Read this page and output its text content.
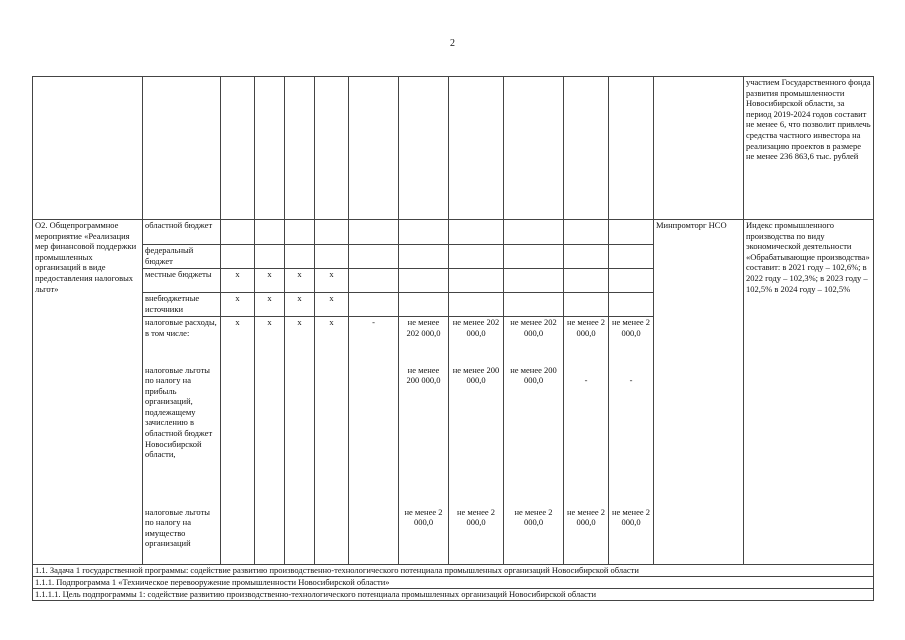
2
													участием Государственного фонда развития промышленности Новосибирской области, за период 2019-2024 годов составит не менее 6, что позволит привлечь средства частного инвестора на реализацию проектов в размере не менее 236 863,6 тыс. рублей
О2. Общепрограммное мероприятие «Реализация мер финансовой поддержки промышленных организаций в виде предоставления налоговых льгот»	областной бюджет											Минпромторг НСО	Индекс промышленного производства по виду экономической деятельности «Обрабатывающие производства» составит: в 2021 году – 102,6%; в 2022 году – 102,3%; в 2023 году – 102,5% в 2024 году – 102,5%
	федеральный бюджет												
	местные бюджеты	х	х	х	х								
	внебюджетные источники	х	х	х	х								
	налоговые расходы, в том числе:	х	х	х	х	-	не менее 202 000,0	не менее 202 000,0	не менее 202 000,0	не менее 2 000,0	не менее 2 000,0		
	налоговые льготы по налогу на прибыль организаций, подлежащему зачислению в областной бюджет Новосибирской области,						не менее 200 000,0	не менее 200 000,0	не менее 200 000,0	-	-		
	налоговые льготы по налогу на имущество организаций						не менее 2 000,0	не менее 2 000,0	не менее 2 000,0	не менее 2 000,0	не менее 2 000,0		
1.1. Задача 1 государственной программы: содействие развитию производственно-технологического потенциала промышленных организаций Новосибирской области													
1.1.1. Подпрограмма 1 «Техническое перевооружение промышленности Новосибирской области»													
1.1.1.1. Цель подпрограммы 1: содействие развитию производственно-технологического потенциала промышленных организаций Новосибирской области													
